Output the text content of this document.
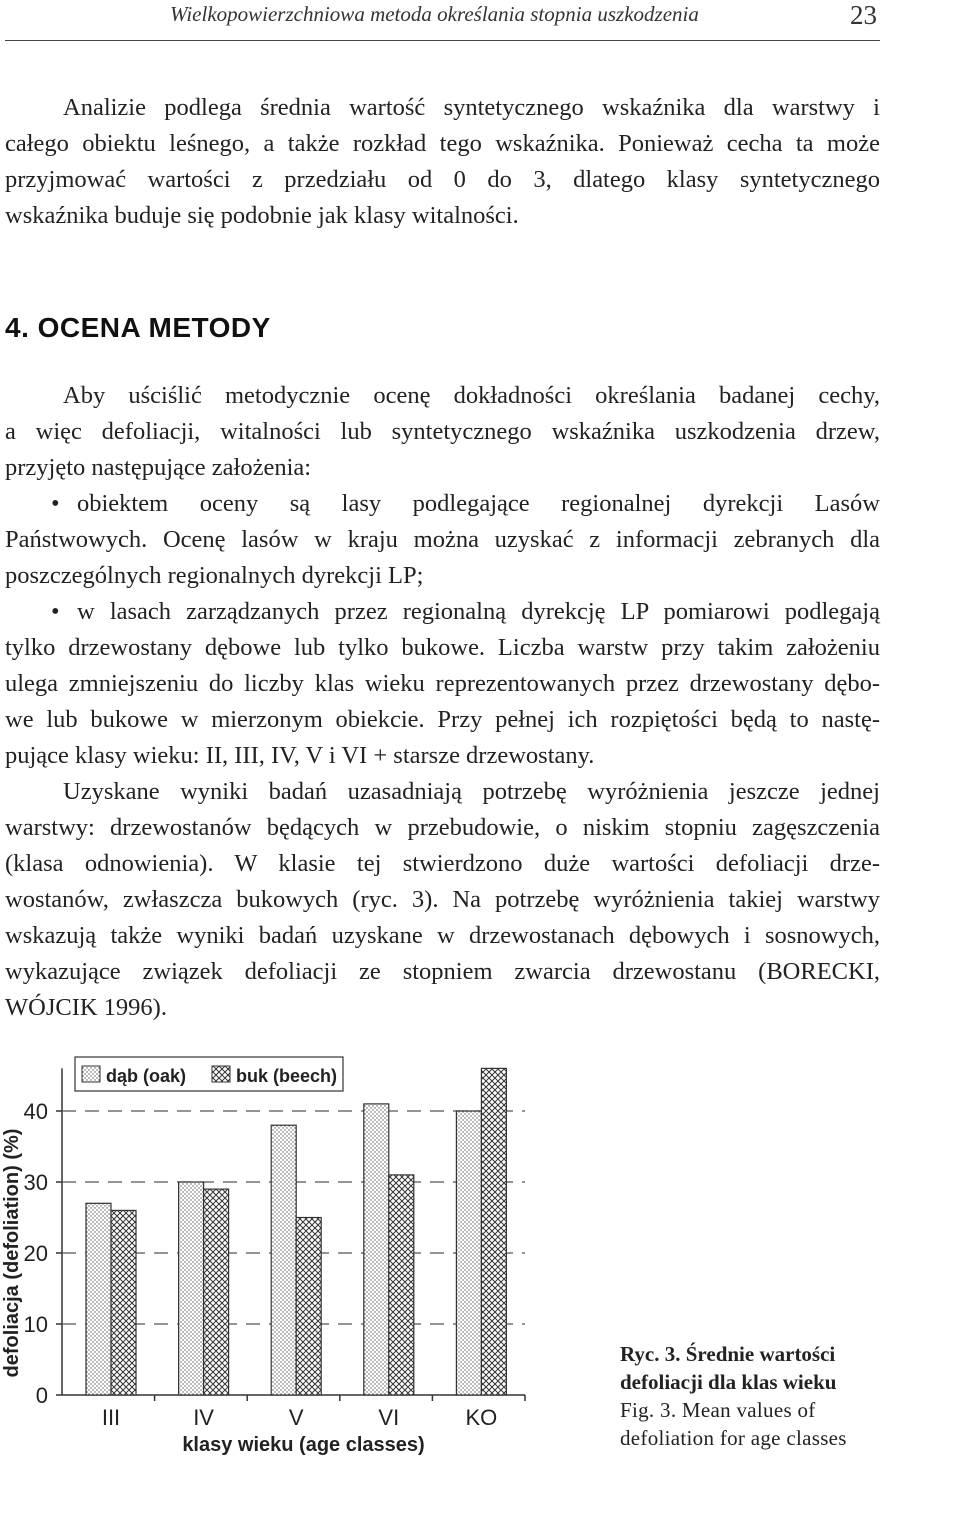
Wielkopowierzchniowa metoda określania stopnia uszkodzenia	23
Analizie podlega średnia wartość syntetycznego wskaźnika dla warstwy i
całego obiektu leśnego, a także rozkład tego wskaźnika. Ponieważ cecha ta może
przyjmować wartości z przedziału od 0 do 3, dlatego klasy syntetycznego
wskaźnika buduje się podobnie jak klasy witalności.
4. OCENA METODY
Aby uściślić metodycznie ocenę dokładności określania badanej cechy,
a więc defoliacji, witalności lub syntetycznego wskaźnika uszkodzenia drzew,
przyjęto następujące założenia:
• obiektem oceny są lasy podlegające regionalnej dyrekcji Lasów
Państwowych. Ocenę lasów w kraju można uzyskać z informacji zebranych dla
poszczególnych regionalnych dyrekcji LP;
• w lasach zarządzanych przez regionalną dyrekcję LP pomiarowi podlegają
tylko drzewostany dębowe lub tylko bukowe. Liczba warstw przy takim założeniu
ulega zmniejszeniu do liczby klas wieku reprezentowanych przez drzewostany dębo-
we lub bukowe w mierzonym obiekcie. Przy pełnej ich rozpiętości będą to nastę-
pujące klasy wieku: II, III, IV, V i VI + starsze drzewostany.
Uzyskane wyniki badań uzasadniają potrzebę wyróżnienia jeszcze jednej
warstwy: drzewostanów będących w przebudowie, o niskim stopniu zagęszczenia
(klasa odnowienia). W klasie tej stwierdzono duże wartości defoliacji drze-
wostanów, zwłaszcza bukowych (ryc. 3). Na potrzebę wyróżnienia takiej warstwy
wskazują także wyniki badań uzyskane w drzewostanach dębowych i sosnowych,
wykazujące związek defoliacji ze stopniem zwarcia drzewostanu (BORECKI,
WÓJCIK 1996).
0
10
20
30
40
defoliacja (defoliation) (%)
III	IV	V	VI	KO
klasy wieku (age classes)
dąb (oak)	buk (beech)
Ryc. 3. Średnie wartości
defoliacji dla klas wieku
Fig. 3. Mean values of
defoliation for age classes
